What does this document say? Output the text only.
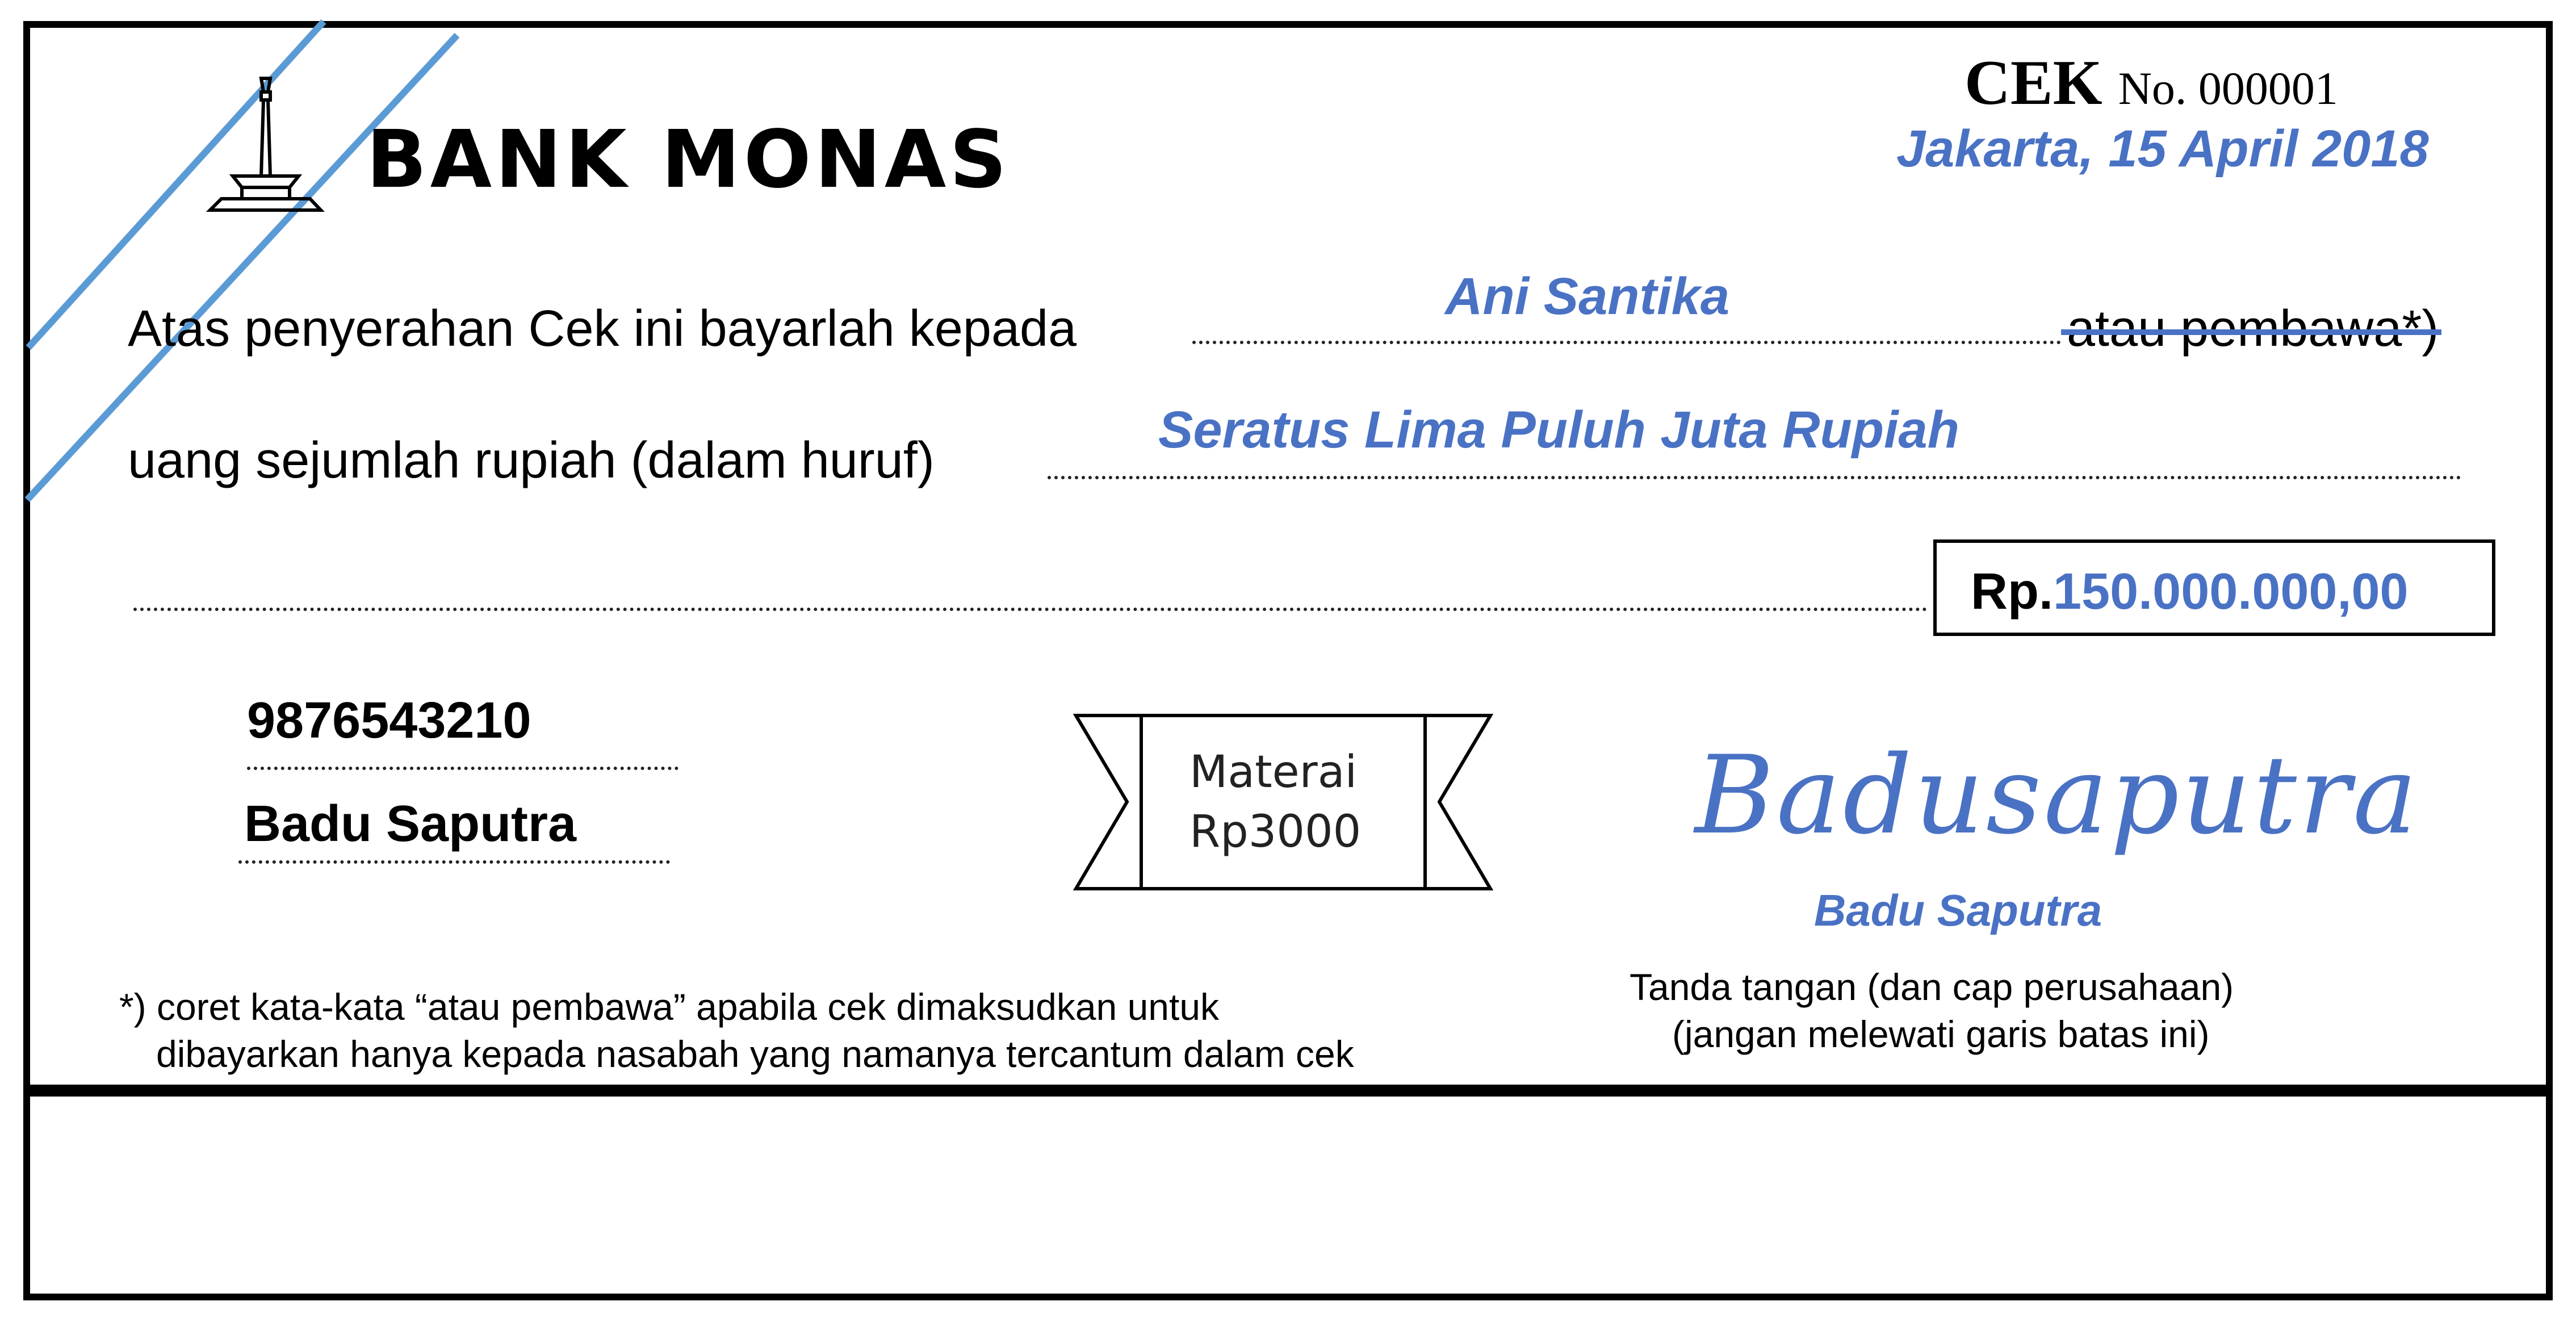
BANK MONAS
CEK No. 000001
Jakarta, 15 April 2018
Atas penyerahan Cek ini bayarlah kepada
Ani Santika
atau pembawa*)
uang sejumlah rupiah (dalam huruf)
Seratus Lima Puluh Juta Rupiah
Rp.150.000.000,00
9876543210
Badu Saputra
Materai
Rp3000	Badusaputra
Badu Saputra
Tanda tangan (dan cap perusahaan)
(jangan melewati garis batas ini)
*) coret kata-kata “atau pembawa” apabila cek dimaksudkan untuk
dibayarkan hanya kepada nasabah yang namanya tercantum dalam cek
